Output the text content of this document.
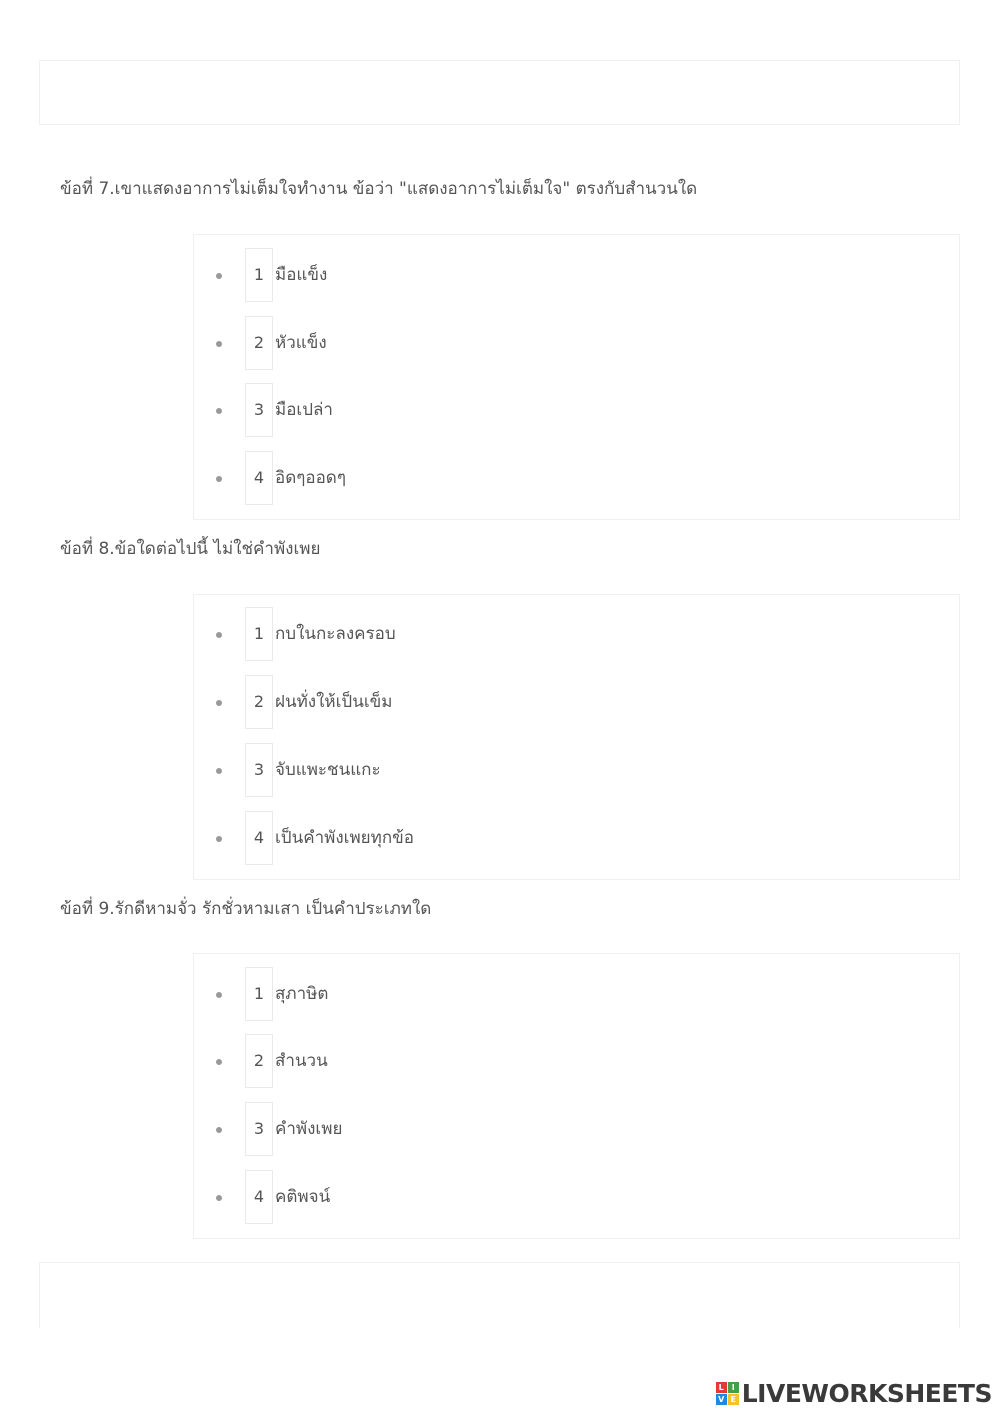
ข้อที่ 7.เขาแสดงอาการไม่เต็มใจทำงาน ข้อว่า "แสดงอาการไม่เต็มใจ" ตรงกับสำนวนใด
1 มือแข็ง
2 หัวแข็ง
3 มือเปล่า
4 อิดๆออดๆ
ข้อที่ 8.ข้อใดต่อไปนี้ ไม่ใช่คำพังเพย
1 กบในกะลงครอบ
2 ฝนทั่งให้เป็นเข็ม
3 จับแพะชนแกะ
4 เป็นคำพังเพยทุกข้อ
ข้อที่ 9.รักดีหามจั่ว รักชั่วหามเสา เป็นคำประเภทใด
1 สุภาษิต
2 สำนวน
3 คำพังเพย
4 คติพจน์
L I
V E LIVEWORKSHEETS
